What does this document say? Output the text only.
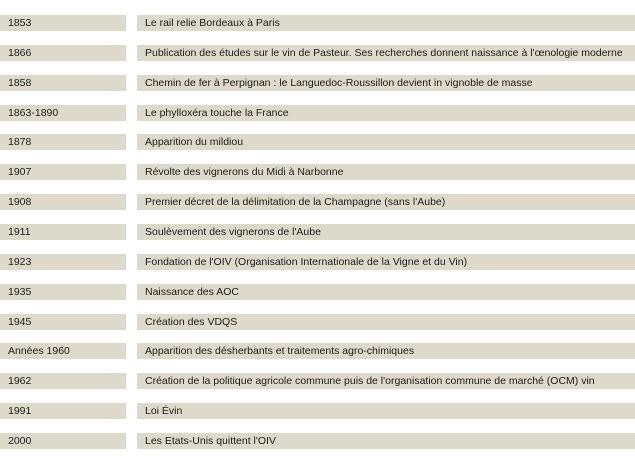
1853	Le rail relie Bordeaux à Paris
1866	Publication des études sur le vin de Pasteur. Ses recherches donnent naissance à l'œnologie moderne
1858	Chemin de fer à Perpignan : le Languedoc-Roussillon devient in vignoble de masse
1863-1890	Le phylloxéra touche la France
1878	Apparition du mildiou
1907	Révolte des vignerons du Midi à Narbonne
1908	Premier décret de la délimitation de la Champagne (sans l'Aube)
1911	Soulèvement des vignerons de l'Aube
1923	Fondation de l'OIV (Organisation Internationale de la Vigne et du Vin)
1935	Naissance des AOC
1945	Création des VDQS
Années 1960	Apparition des désherbants et traitements agro-chimiques
1962	Création de la politique agricole commune puis de l'organisation commune de marché (OCM) vin
1991	Loi Évin
2000	Les Etats-Unis quittent l'OIV
